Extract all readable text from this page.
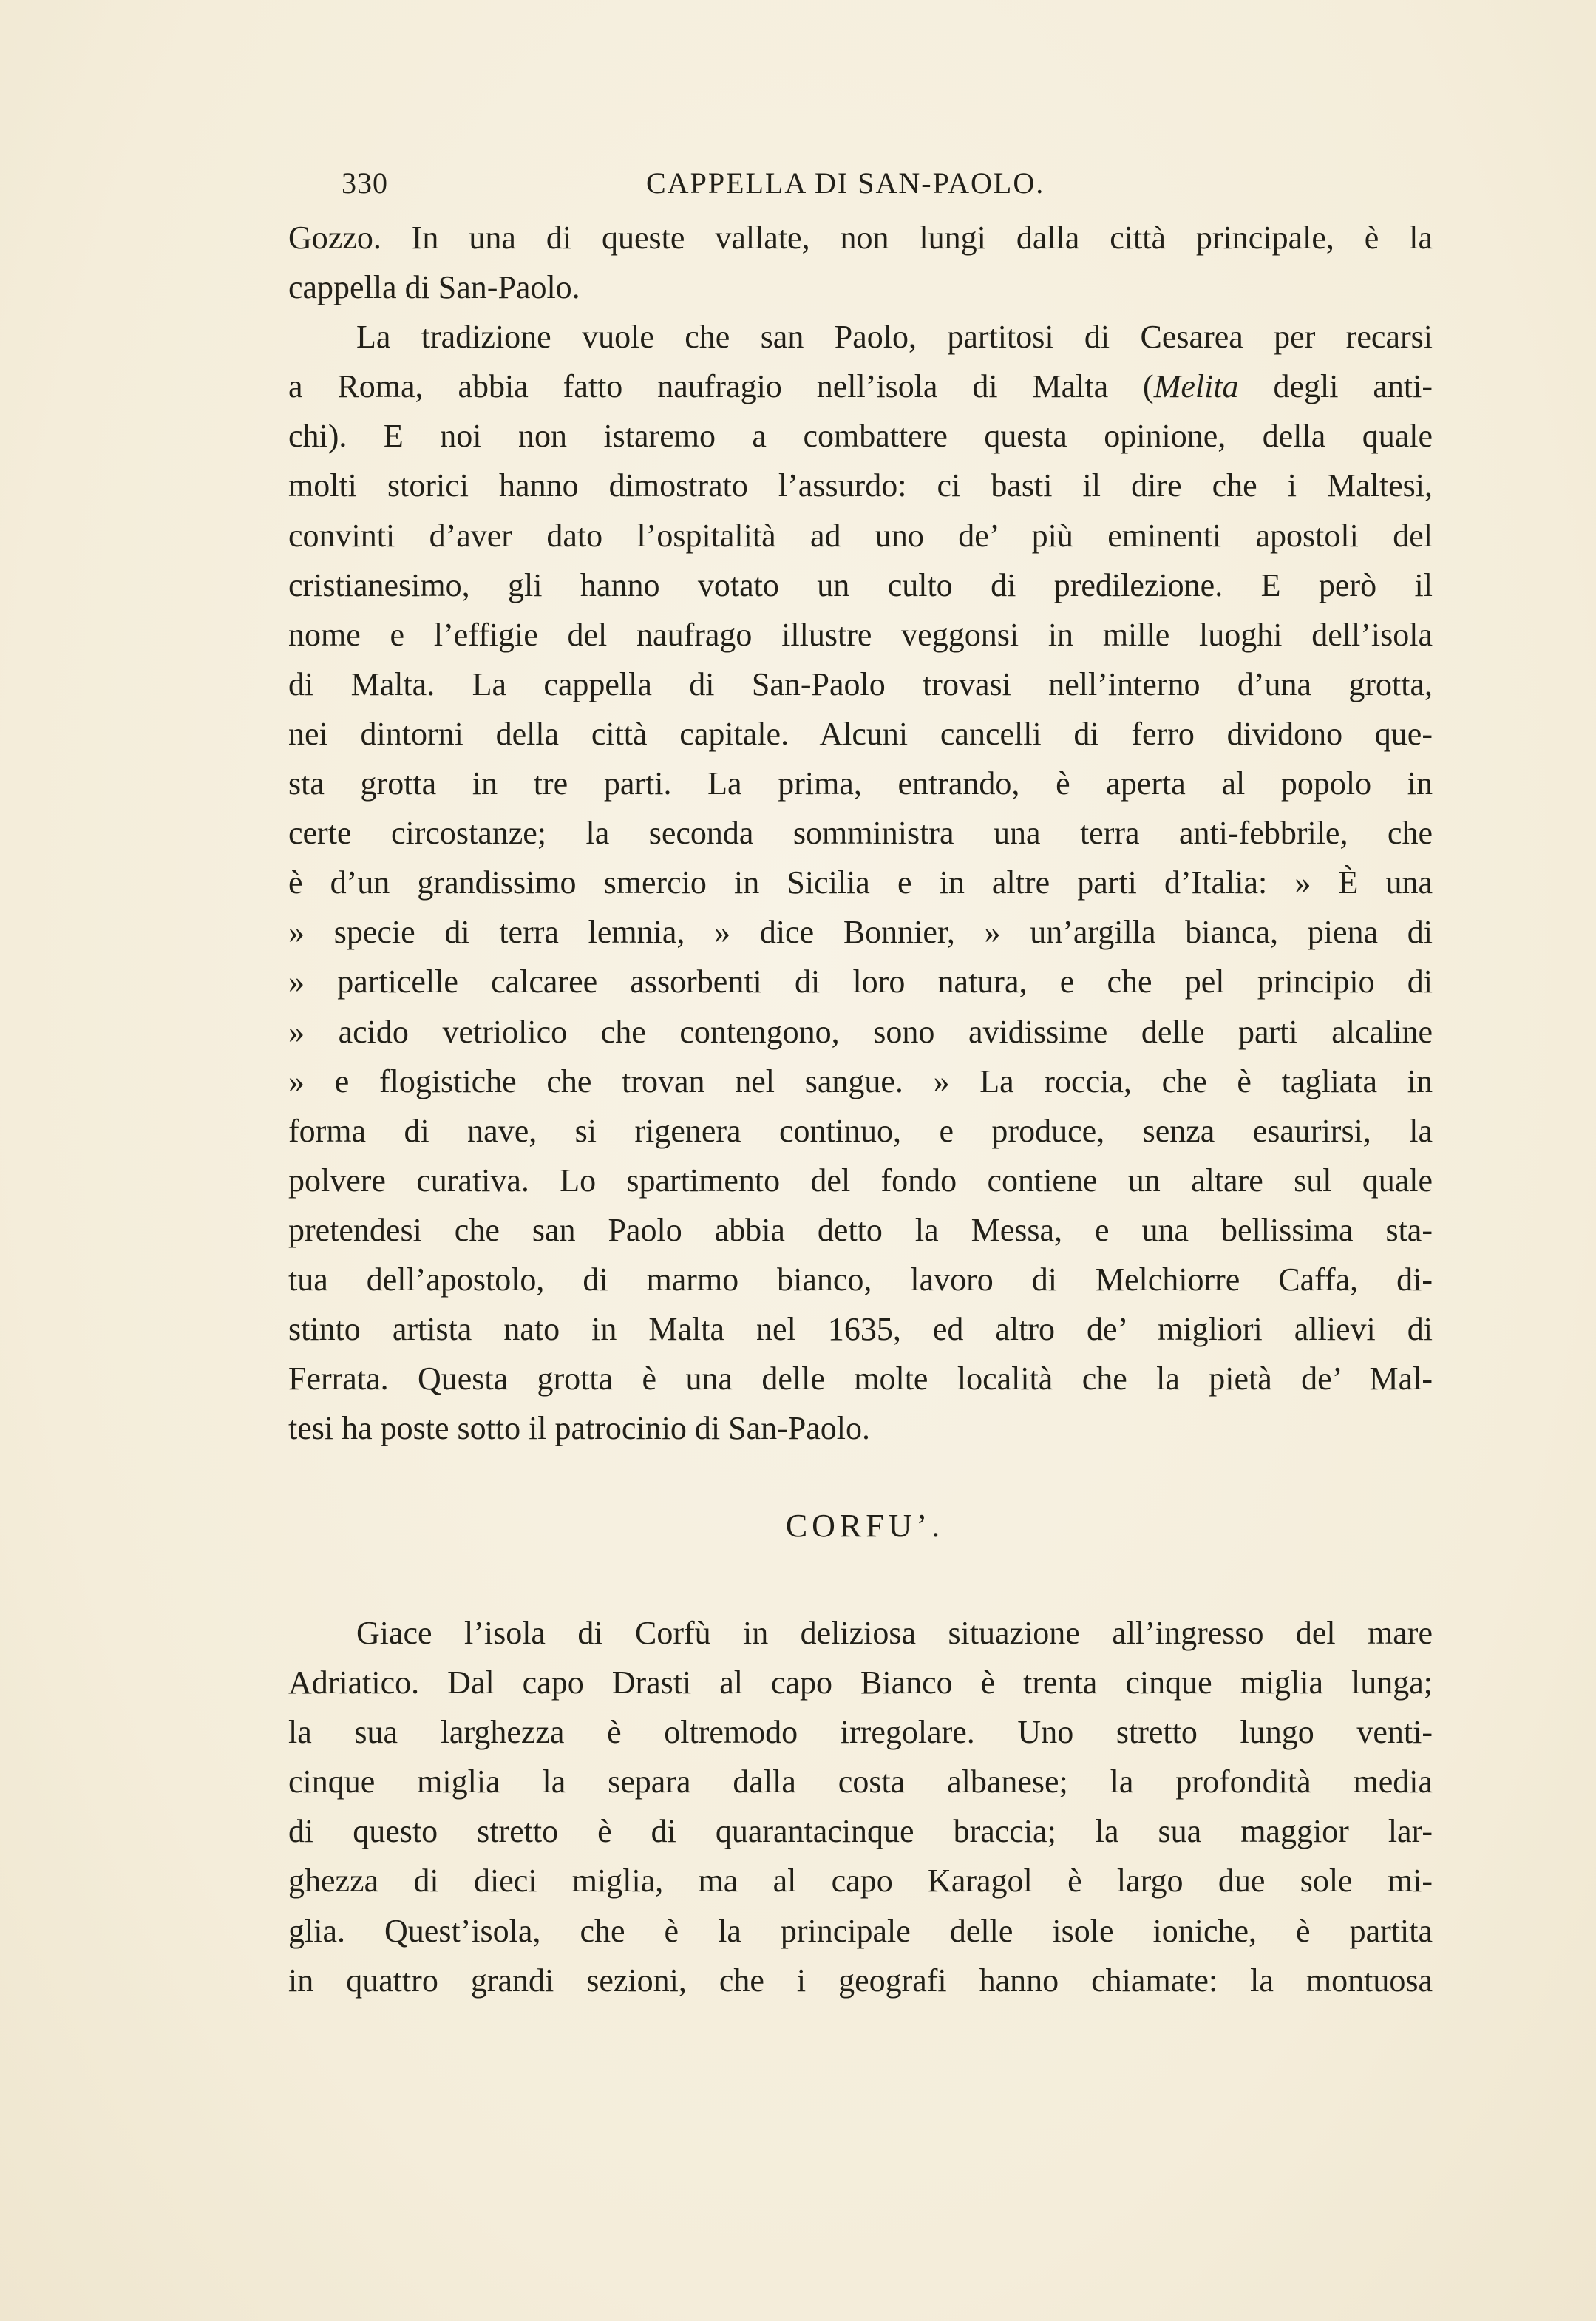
330	CAPPELLA DI SAN-PAOLO.
Gozzo. In una di queste vallate, non lungi dalla città principale, è la
cappella di San-Paolo.
La tradizione vuole che san Paolo, partitosi di Cesarea per recarsi
a Roma, abbia fatto naufragio nell’isola di Malta (Melita degli anti-
chi). E noi non istaremo a combattere questa opinione, della quale
molti storici hanno dimostrato l’assurdo: ci basti il dire che i Maltesi,
convinti d’aver dato l’ospitalità ad uno de’ più eminenti apostoli del
cristianesimo, gli hanno votato un culto di predilezione. E però il
nome e l’effigie del naufrago illustre veggonsi in mille luoghi dell’isola
di Malta. La cappella di San-Paolo trovasi nell’interno d’una grotta,
nei dintorni della città capitale. Alcuni cancelli di ferro dividono que-
sta grotta in tre parti. La prima, entrando, è aperta al popolo in
certe circostanze; la seconda somministra una terra anti-febbrile, che
è d’un grandissimo smercio in Sicilia e in altre parti d’Italia: » È una
» specie di terra lemnia, » dice Bonnier, » un’argilla bianca, piena di
» particelle calcaree assorbenti di loro natura, e che pel principio di
» acido vetriolico che contengono, sono avidissime delle parti alcaline
» e flogistiche che trovan nel sangue. » La roccia, che è tagliata in
forma di nave, si rigenera continuo, e produce, senza esaurirsi, la
polvere curativa. Lo spartimento del fondo contiene un altare sul quale
pretendesi che san Paolo abbia detto la Messa, e una bellissima sta-
tua dell’apostolo, di marmo bianco, lavoro di Melchiorre Caffa, di-
stinto artista nato in Malta nel 1635, ed altro de’ migliori allievi di
Ferrata. Questa grotta è una delle molte località che la pietà de’ Mal-
tesi ha poste sotto il patrocinio di San-Paolo.
CORFU’.
Giace l’isola di Corfù in deliziosa situazione all’ingresso del mare
Adriatico. Dal capo Drasti al capo Bianco è trenta cinque miglia lunga;
la sua larghezza è oltremodo irregolare. Uno stretto lungo venti-
cinque miglia la separa dalla costa albanese; la profondità media
di questo stretto è di quarantacinque braccia; la sua maggior lar-
ghezza di dieci miglia, ma al capo Karagol è largo due sole mi-
glia. Quest’isola, che è la principale delle isole ioniche, è partita
in quattro grandi sezioni, che i geografi hanno chiamate: la montuosa
